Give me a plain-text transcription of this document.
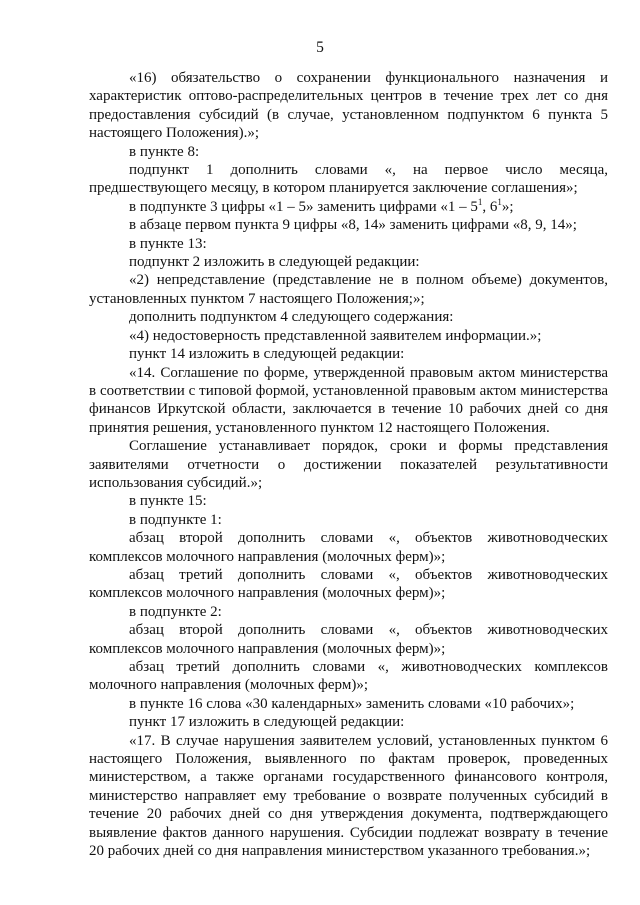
5

«16) обязательство о сохранении функционального назначения и характеристик оптово-распределительных центров в течение трех лет со дня предоставления субсидий (в случае, установленном подпунктом 6 пункта 5 настоящего Положения).»;

в пункте 8:

подпункт 1 дополнить словами «, на первое число месяца, предшествующего месяцу, в котором планируется заключение соглашения»;

в подпункте 3 цифры «1 – 5» заменить цифрами «$1 - 5^1$, $6^1$»;

в абзаце первом пункта 9 цифры «8, 14» заменить цифрами «8, 9, 14»;

в пункте 13:

подпункт 2 изложить в следующей редакции:

«2) непредставление (представление не в полном объеме) документов, установленных пунктом 7 настоящего Положения;»;

дополнить подпунктом 4 следующего содержания:

«4) недостоверность представленной заявителем информации.»;

пункт 14 изложить в следующей редакции:

«14. Соглашение по форме, утвержденной правовым актом министерства в соответствии с типовой формой, установленной правовым актом министерства финансов Иркутской области, заключается в течение 10 рабочих дней со дня принятия решения, установленного пунктом 12 настоящего Положения.

Соглашение устанавливает порядок, сроки и формы представления заявителями отчетности о достижении показателей результативности использования субсидий.»;

в пункте 15:

в подпункте 1:

абзац второй дополнить словами «, объектов животноводческих комплексов молочного направления (молочных ферм)»;

абзац третий дополнить словами «, объектов животноводческих комплексов молочного направления (молочных ферм)»;

в подпункте 2:

абзац второй дополнить словами «, объектов животноводческих комплексов молочного направления (молочных ферм)»;

абзац третий дополнить словами «, животноводческих комплексов молочного направления (молочных ферм)»;

в пункте 16 слова «30 календарных» заменить словами «10 рабочих»;

пункт 17 изложить в следующей редакции:

«17. В случае нарушения заявителем условий, установленных пунктом 6 настоящего Положения, выявленного по фактам проверок, проведенных министерством, а также органами государственного финансового контроля, министерство направляет ему требование о возврате полученных субсидий в течение 20 рабочих дней со дня утверждения документа, подтверждающего выявление фактов данного нарушения. Субсидии подлежат возврату в течение 20 рабочих дней со дня направления министерством указанного требования.»;
